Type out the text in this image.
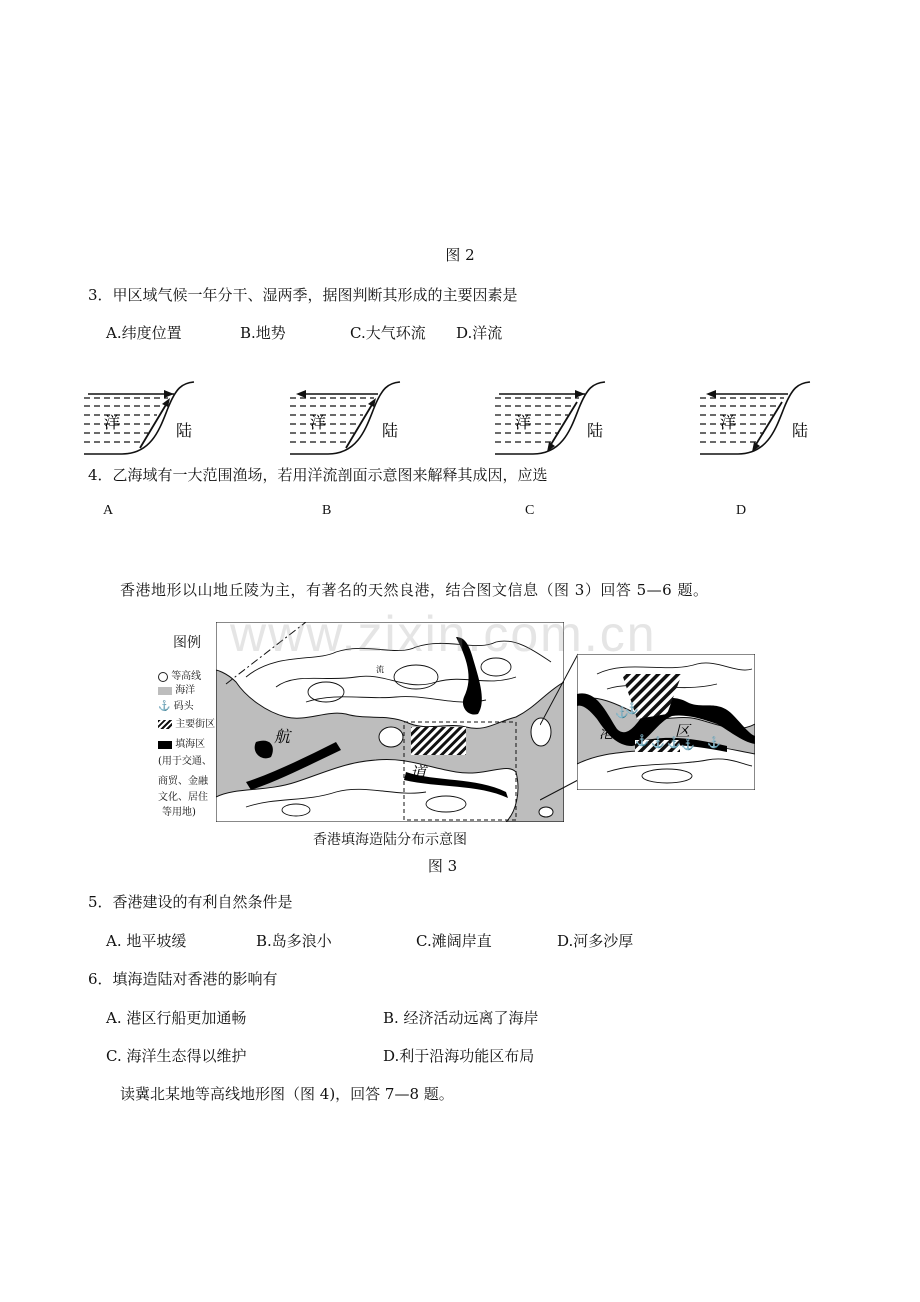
图 2
3．甲区域气候一年分干、湿两季，据图判断其形成的主要因素是
A.纬度位置	B.地势	C.大气环流 D.洋流
洋	陆	洋	陆	洋	陆	洋	陆
4．乙海域有一大范围渔场，若用洋流剖面示意图来解释其成因，应选
A	B	C	D
香港地形以山地丘陵为主，有著名的天然良港，结合图文信息（图 3）回答 5—6 题。
图例
等高线
海洋
⚓ 码头
主要街区
填海区
(用于交通、
商贸、金融
文化、居住
等用地)
航
道
流
港	区
⚓
⚓ ⚓ ⚓ ⚓ ⚓
⚓
www.zixin.com.cn
香港填海造陆分布示意图
图 3
5．香港建设的有利自然条件是
A. 地平坡缓	B.岛多浪小	C.滩阔岸直	D.河多沙厚
6．填海造陆对香港的影响有
A. 港区行船更加通畅	B. 经济活动远离了海岸
C. 海洋生态得以维护	D.利于沿海功能区布局
读冀北某地等高线地形图（图 4)，回答 7—8 题。
